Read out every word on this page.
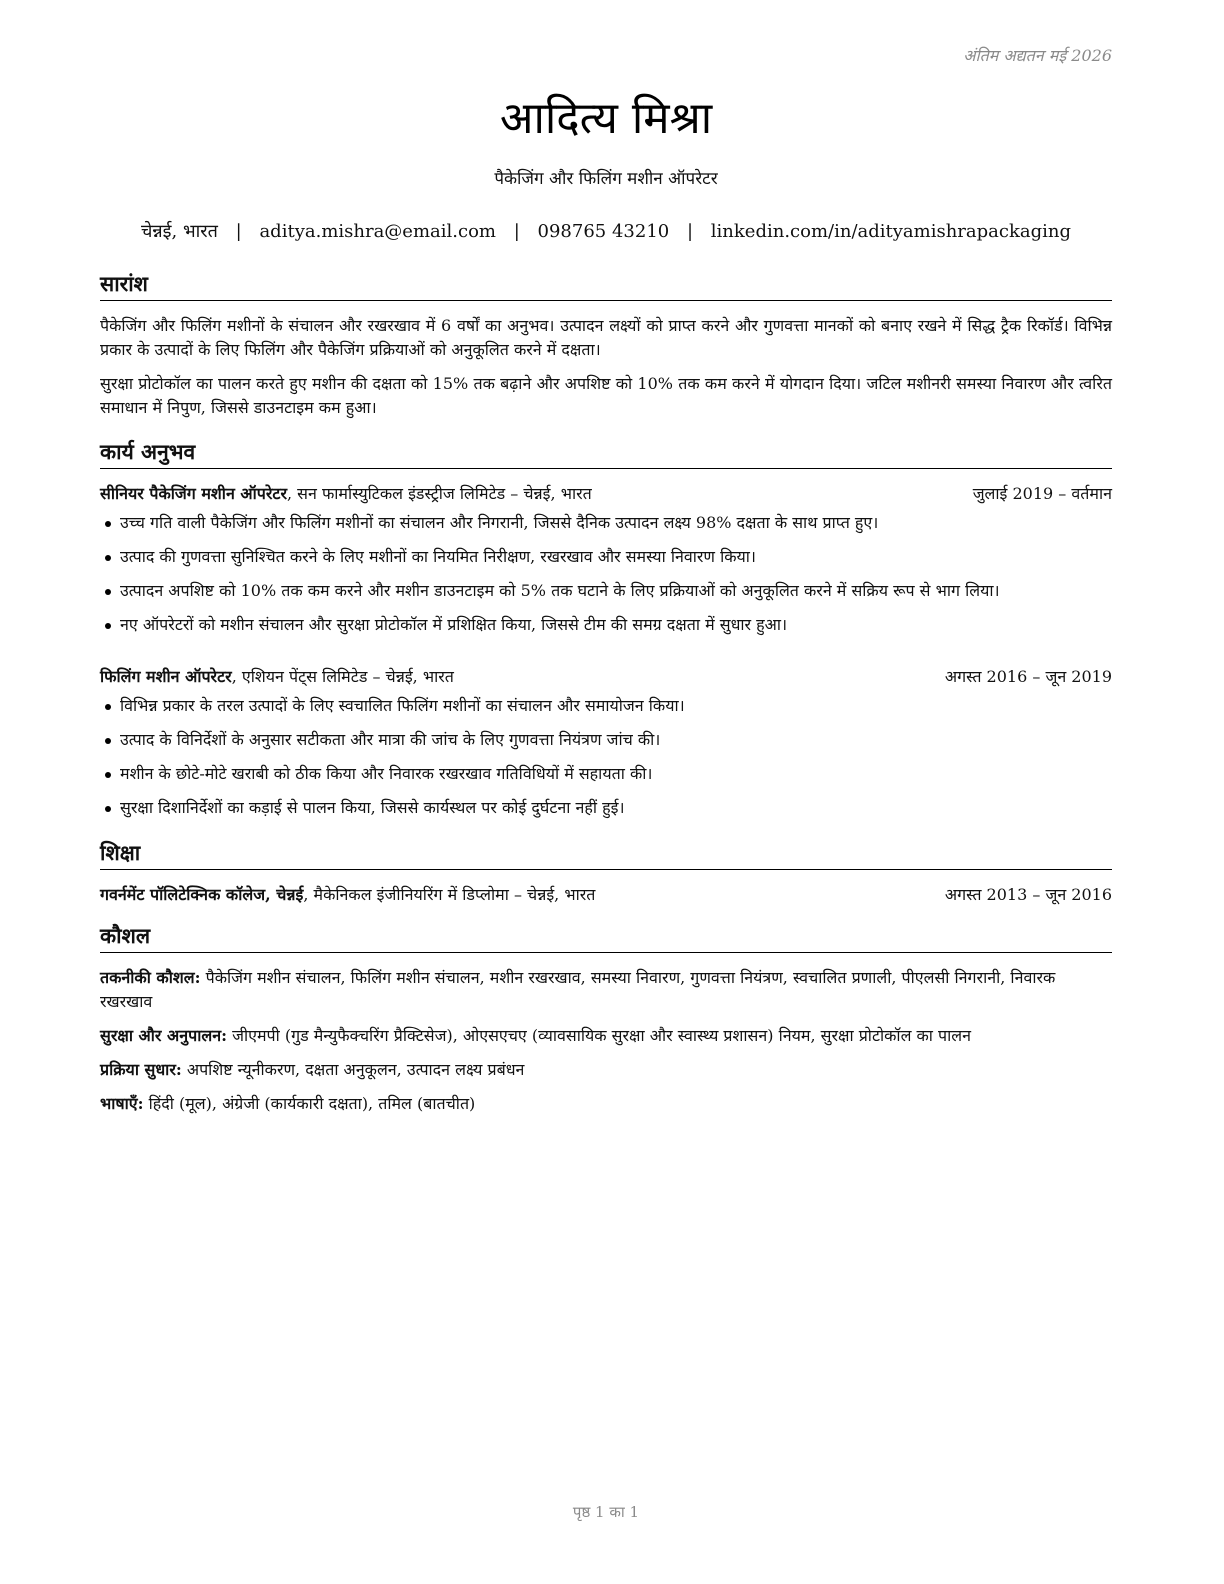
अंतिम अद्यतन मई 2026
आदित्य मिश्रा
पैकेजिंग और फिलिंग मशीन ऑपरेटर
चेन्नई, भारत | aditya.mishra@email.com | 098765 43210 | linkedin.com/in/adityamishrapackaging
सारांश

पैकेजिंग और फिलिंग मशीनों के संचालन और रखरखाव में 6 वर्षों का अनुभव। उत्पादन लक्ष्यों को प्राप्त करने और गुणवत्ता मानकों को बनाए रखने में सिद्ध ट्रैक रिकॉर्ड। विभिन्न प्रकार के उत्पादों के लिए फिलिंग और पैकेजिंग प्रक्रियाओं को अनुकूलित करने में दक्षता।

सुरक्षा प्रोटोकॉल का पालन करते हुए मशीन की दक्षता को 15% तक बढ़ाने और अपशिष्ट को 10% तक कम करने में योगदान दिया। जटिल मशीनरी समस्या निवारण और त्वरित समाधान में निपुण, जिससे डाउनटाइम कम हुआ।

कार्य अनुभव
सीनियर पैकेजिंग मशीन ऑपरेटर, सन फार्मास्युटिकल इंडस्ट्रीज लिमिटेड – चेन्नई, भारत	जुलाई 2019 – वर्तमान
उच्च गति वाली पैकेजिंग और फिलिंग मशीनों का संचालन और निगरानी, जिससे दैनिक उत्पादन लक्ष्य 98% दक्षता के साथ प्राप्त हुए।
उत्पाद की गुणवत्ता सुनिश्चित करने के लिए मशीनों का नियमित निरीक्षण, रखरखाव और समस्या निवारण किया।
उत्पादन अपशिष्ट को 10% तक कम करने और मशीन डाउनटाइम को 5% तक घटाने के लिए प्रक्रियाओं को अनुकूलित करने में सक्रिय रूप से भाग लिया।
नए ऑपरेटरों को मशीन संचालन और सुरक्षा प्रोटोकॉल में प्रशिक्षित किया, जिससे टीम की समग्र दक्षता में सुधार हुआ।
फिलिंग मशीन ऑपरेटर, एशियन पेंट्स लिमिटेड – चेन्नई, भारत	अगस्त 2016 – जून 2019
विभिन्न प्रकार के तरल उत्पादों के लिए स्वचालित फिलिंग मशीनों का संचालन और समायोजन किया।
उत्पाद के विनिर्देशों के अनुसार सटीकता और मात्रा की जांच के लिए गुणवत्ता नियंत्रण जांच की।
मशीन के छोटे-मोटे खराबी को ठीक किया और निवारक रखरखाव गतिविधियों में सहायता की।
सुरक्षा दिशानिर्देशों का कड़ाई से पालन किया, जिससे कार्यस्थल पर कोई दुर्घटना नहीं हुई।
शिक्षा
गवर्नमेंट पॉलिटेक्निक कॉलेज, चेन्नई, मैकेनिकल इंजीनियरिंग में डिप्लोमा – चेन्नई, भारत	अगस्त 2013 – जून 2016
कौशल

तकनीकी कौशल: पैकेजिंग मशीन संचालन, फिलिंग मशीन संचालन, मशीन रखरखाव, समस्या निवारण, गुणवत्ता नियंत्रण, स्वचालित प्रणाली, पीएलसी निगरानी, निवारक रखरखाव

सुरक्षा और अनुपालन: जीएमपी (गुड मैन्युफैक्चरिंग प्रैक्टिसेज), ओएसएचए (व्यावसायिक सुरक्षा और स्वास्थ्य प्रशासन) नियम, सुरक्षा प्रोटोकॉल का पालन

प्रक्रिया सुधार: अपशिष्ट न्यूनीकरण, दक्षता अनुकूलन, उत्पादन लक्ष्य प्रबंधन

भाषाएँ: हिंदी (मूल), अंग्रेजी (कार्यकारी दक्षता), तमिल (बातचीत)

पृष्ठ 1 का 1
